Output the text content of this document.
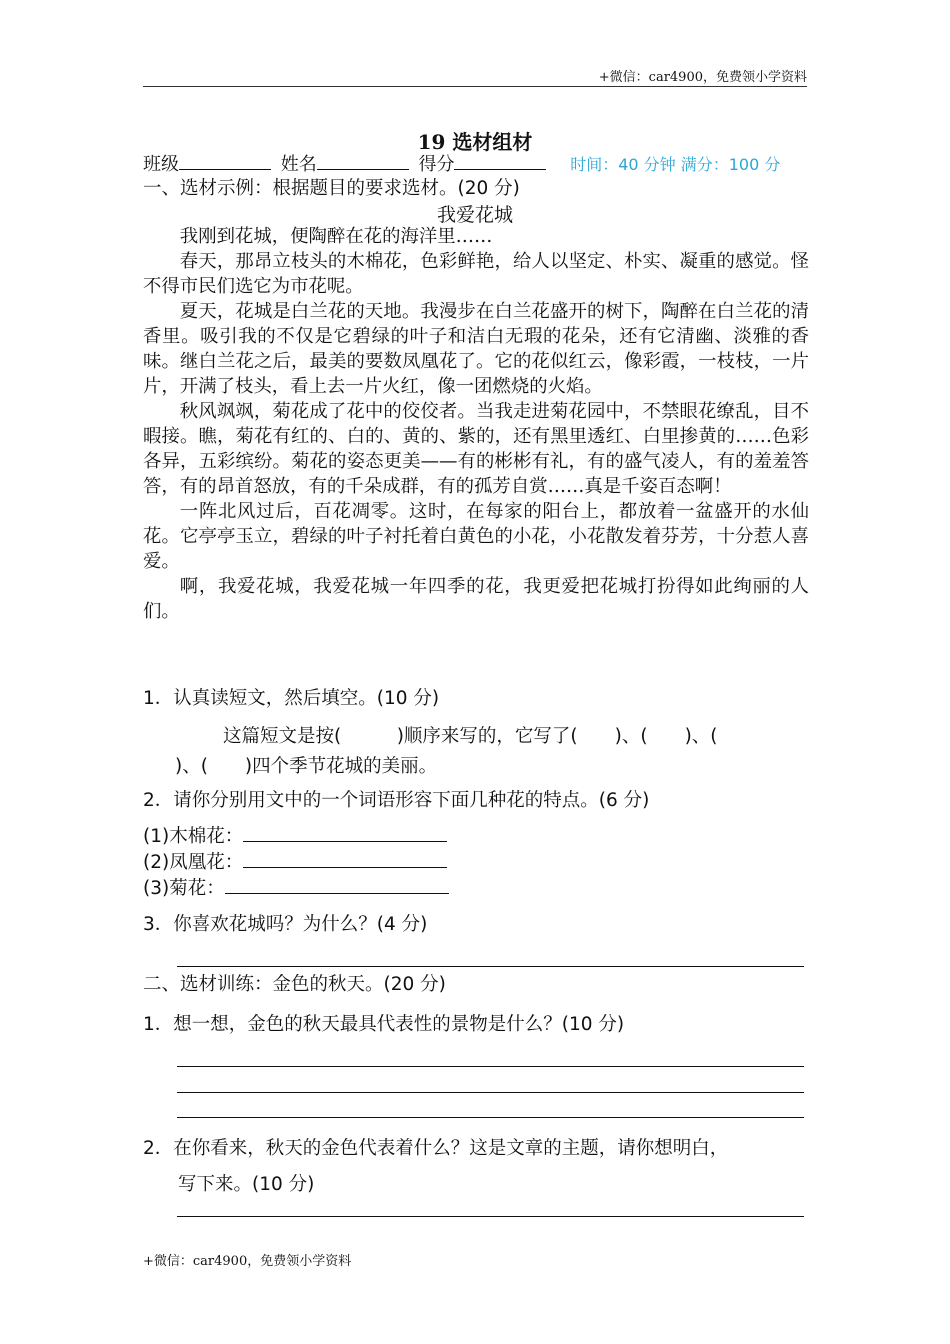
+微信：car4900，免费领小学资料
19 选材组材
班级	姓名	得分	时间：40 分钟 满分：100 分
一、选材示例：根据题目的要求选材。(20 分)
我爱花城

我刚到花城，便陶醉在花的海洋里……

春天，那昂立枝头的木棉花，色彩鲜艳，给人以坚定、朴实、凝重的感觉。怪不得市民们选它为市花呢。

夏天，花城是白兰花的天地。我漫步在白兰花盛开的树下，陶醉在白兰花的清香里。吸引我的不仅是它碧绿的叶子和洁白无瑕的花朵，还有它清幽、淡雅的香味。继白兰花之后，最美的要数凤凰花了。它的花似红云，像彩霞，一枝枝，一片片，开满了枝头，看上去一片火红，像一团燃烧的火焰。

秋风飒飒，菊花成了花中的佼佼者。当我走进菊花园中，不禁眼花缭乱，目不暇接。瞧，菊花有红的、白的、黄的、紫的，还有黑里透红、白里掺黄的……色彩各异，五彩缤纷。菊花的姿态更美——有的彬彬有礼，有的盛气凌人，有的羞羞答答，有的昂首怒放，有的千朵成群，有的孤芳自赏……真是千姿百态啊！

一阵北风过后，百花凋零。这时，在每家的阳台上，都放着一盆盛开的水仙花。它亭亭玉立，碧绿的叶子衬托着白黄色的小花，小花散发着芬芳，十分惹人喜爱。

啊，我爱花城，我爱花城一年四季的花，我更爱把花城打扮得如此绚丽的人们。

1．认真读短文，然后填空。(10 分)
这篇短文是按(　　　)顺序来写的，它写了(　　)、(　　)、(
)、(　　)四个季节花城的美丽。
2．请你分别用文中的一个词语形容下面几种花的特点。(6 分)
(1)木棉花：
(2)凤凰花：
(3)菊花：
3．你喜欢花城吗？为什么？(4 分)
二、选材训练：金色的秋天。(20 分)
1．想一想，金色的秋天最具代表性的景物是什么？(10 分)
2．在你看来，秋天的金色代表着什么？这是文章的主题，请你想明白，
写下来。(10 分)
+微信：car4900，免费领小学资料
